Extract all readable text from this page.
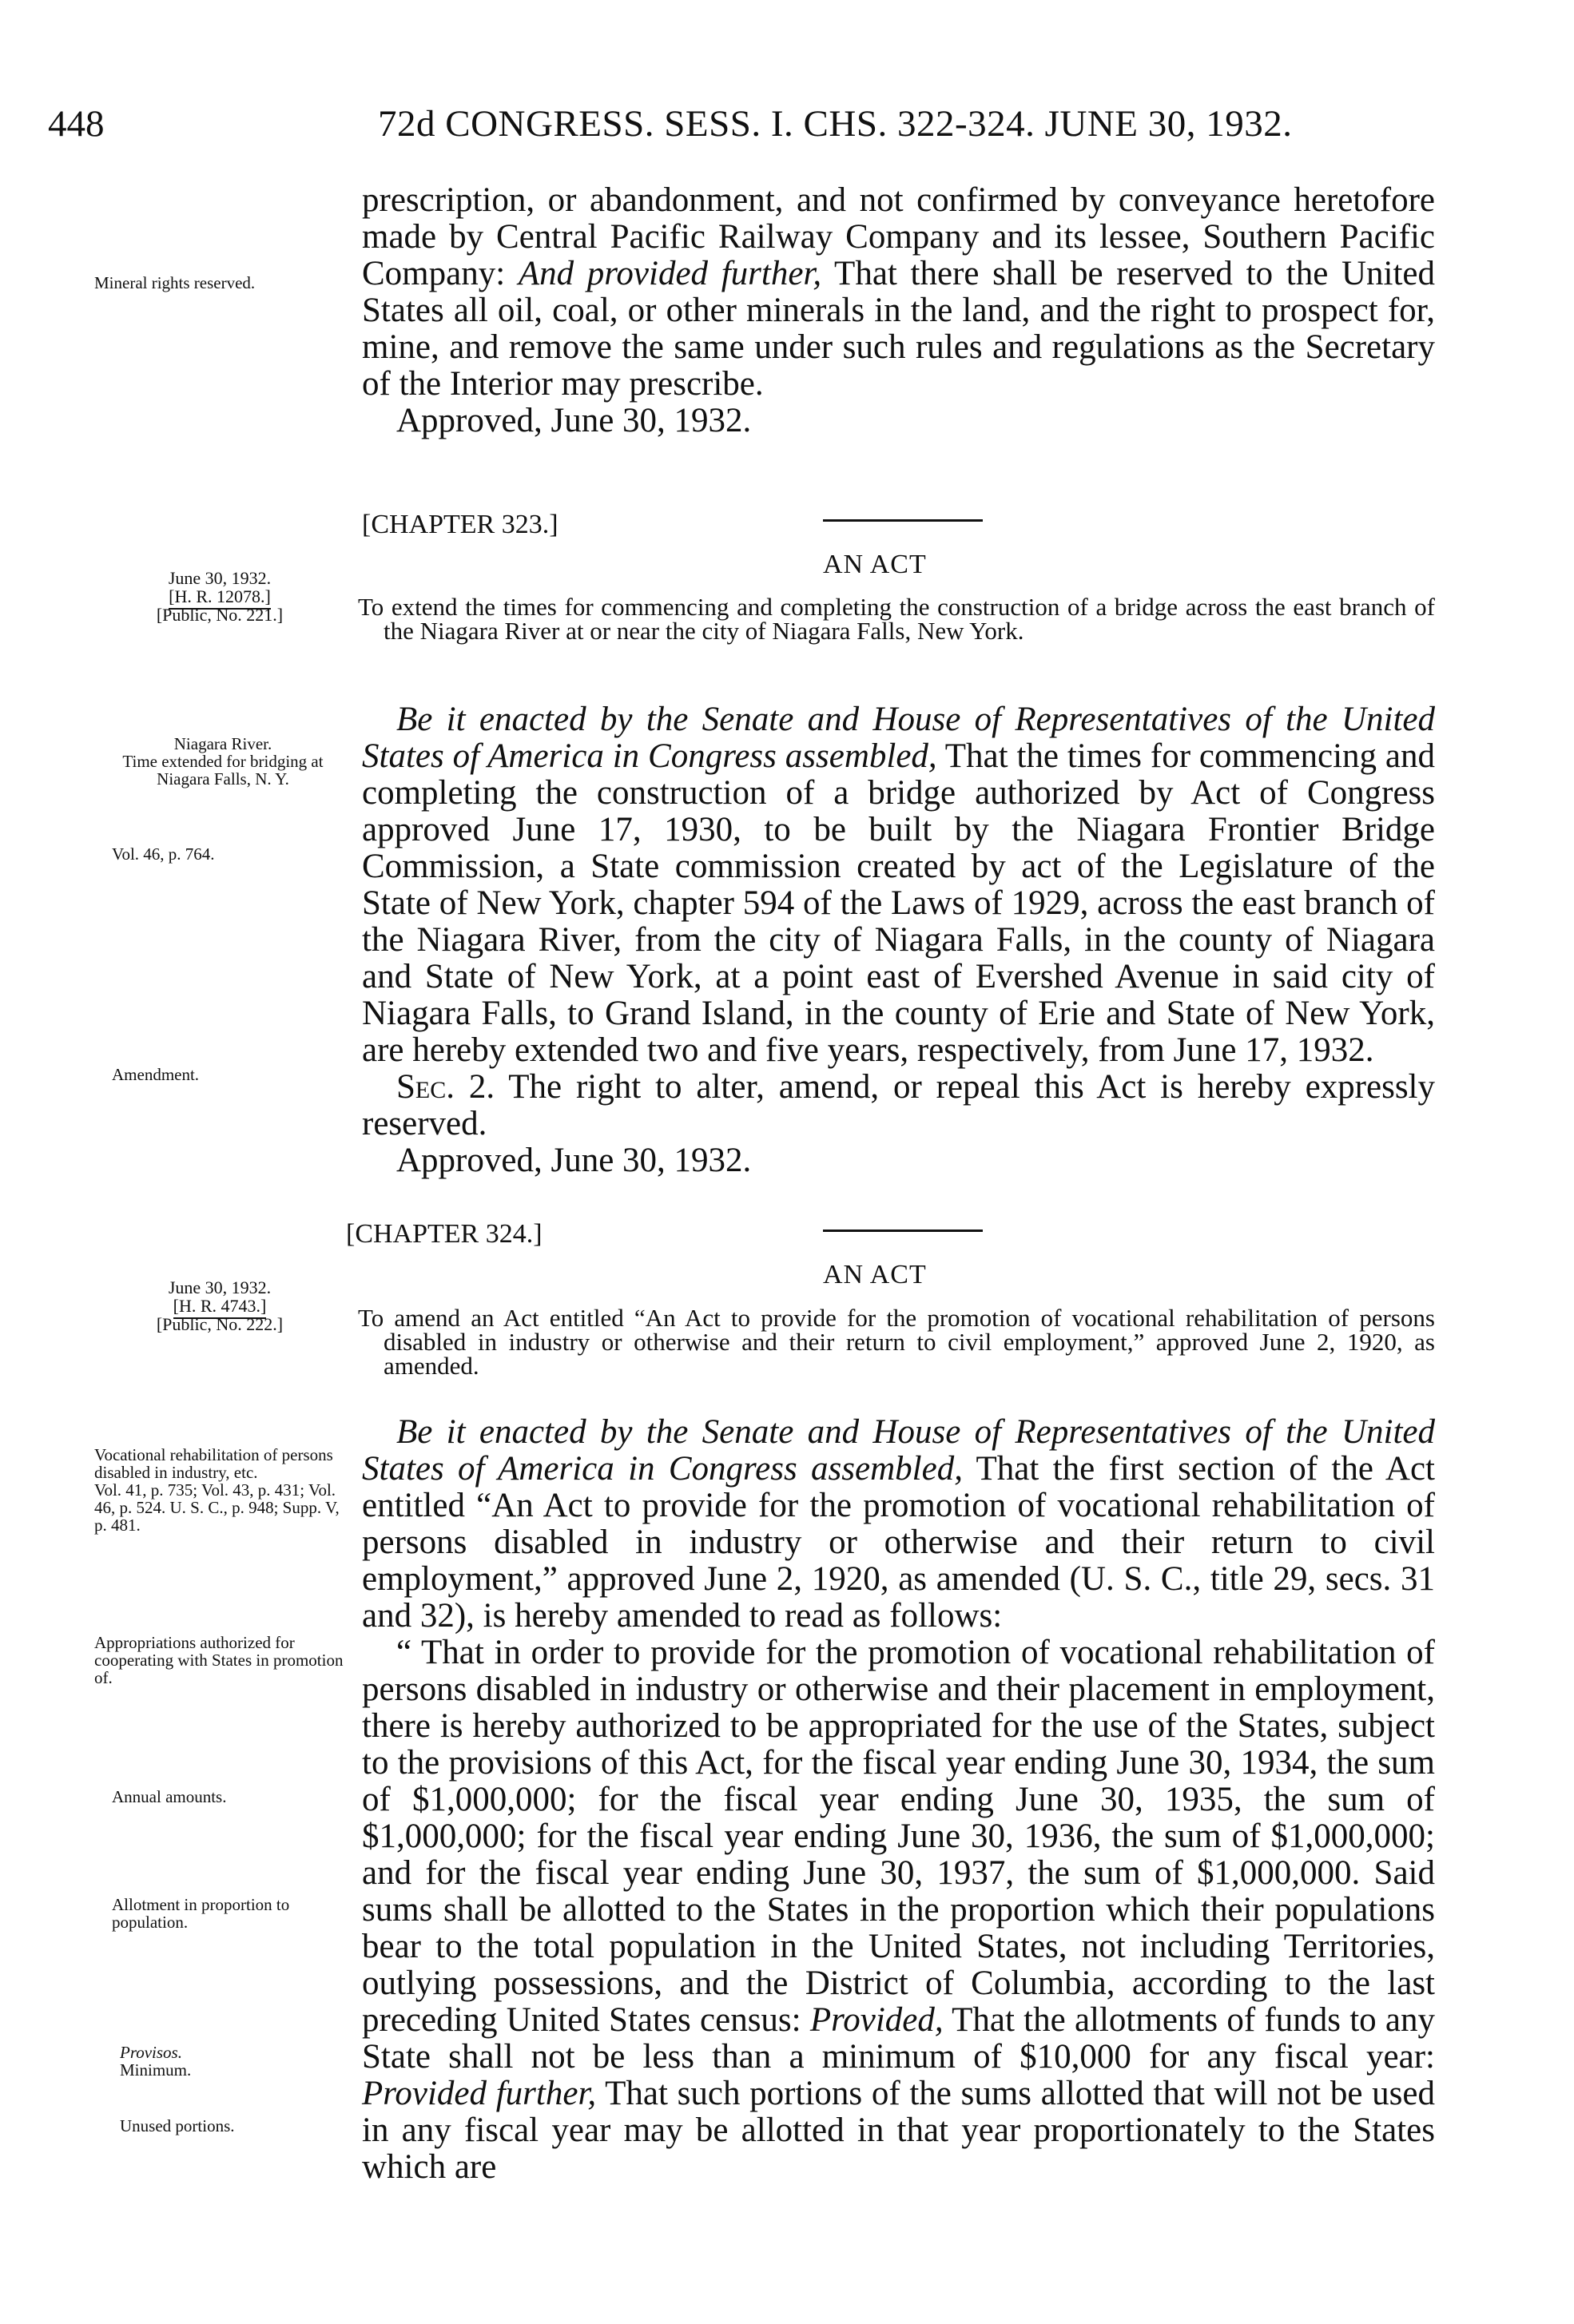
448	72d CONGRESS. SESS. I. CHS. 322-324. JUNE 30, 1932.

prescription, or abandonment, and not confirmed by conveyance heretofore made by Central Pacific Railway Company and its lessee, Southern Pacific Company: And provided further, That there shall be reserved to the United States all oil, coal, or other minerals in the land, and the right to prospect for, mine, and remove the same under such rules and regulations as the Secretary of the Interior may prescribe.

Approved, June 30, 1932.

Mineral rights reserved.
[CHAPTER 323.]
AN ACT
June 30, 1932.
[H. R. 12078.]
[Public, No. 221.]	To extend the times for commencing and completing the construction of a bridge across the east branch of the Niagara River at or near the city of Niagara Falls, New York.

Be it enacted by the Senate and House of Representatives of the United States of America in Congress assembled, That the times for commencing and completing the construction of a bridge authorized by Act of Congress approved June 17, 1930, to be built by the Niagara Frontier Bridge Commission, a State commission created by act of the Legislature of the State of New York, chapter 594 of the Laws of 1929, across the east branch of the Niagara River, from the city of Niagara Falls, in the county of Niagara and State of New York, at a point east of Evershed Avenue in said city of Niagara Falls, to Grand Island, in the county of Erie and State of New York, are hereby extended two and five years, respectively, from June 17, 1932.

Sec. 2. The right to alter, amend, or repeal this Act is hereby expressly reserved.

Approved, June 30, 1932.

Niagara River.
Time extended for bridging at Niagara Falls, N. Y.
Vol. 46, p. 764.
Amendment.
[CHAPTER 324.]
AN ACT
June 30, 1932.
[H. R. 4743.]
[Public, No. 222.]	To amend an Act entitled “An Act to provide for the promotion of vocational rehabilitation of persons disabled in industry or otherwise and their return to civil employment,” approved June 2, 1920, as amended.

Be it enacted by the Senate and House of Representatives of the United States of America in Congress assembled, That the first section of the Act entitled “An Act to provide for the promotion of vocational rehabilitation of persons disabled in industry or otherwise and their return to civil employment,” approved June 2, 1920, as amended (U. S. C., title 29, secs. 31 and 32), is hereby amended to read as follows:

“ That in order to provide for the promotion of vocational rehabilitation of persons disabled in industry or otherwise and their placement in employment, there is hereby authorized to be appropriated for the use of the States, subject to the provisions of this Act, for the fiscal year ending June 30, 1934, the sum of $1,000,000; for the fiscal year ending June 30, 1935, the sum of $1,000,000; for the fiscal year ending June 30, 1936, the sum of $1,000,000; and for the fiscal year ending June 30, 1937, the sum of $1,000,000. Said sums shall be allotted to the States in the proportion which their populations bear to the total population in the United States, not including Territories, outlying possessions, and the District of Columbia, according to the last preceding United States census: Provided, That the allotments of funds to any State shall not be less than a minimum of $10,000 for any fiscal year: Provided further, That such portions of the sums allotted that will not be used in any fiscal year may be allotted in that year proportionately to the States which are

Vocational rehabilitation of persons disabled in industry, etc.
Vol. 41, p. 735; Vol. 43, p. 431; Vol. 46, p. 524. U. S. C., p. 948; Supp. V, p. 481.
Appropriations authorized for cooperating with States in promotion of.
Annual amounts.
Allotment in proportion to population.
Provisos.
Minimum.
Unused portions.
